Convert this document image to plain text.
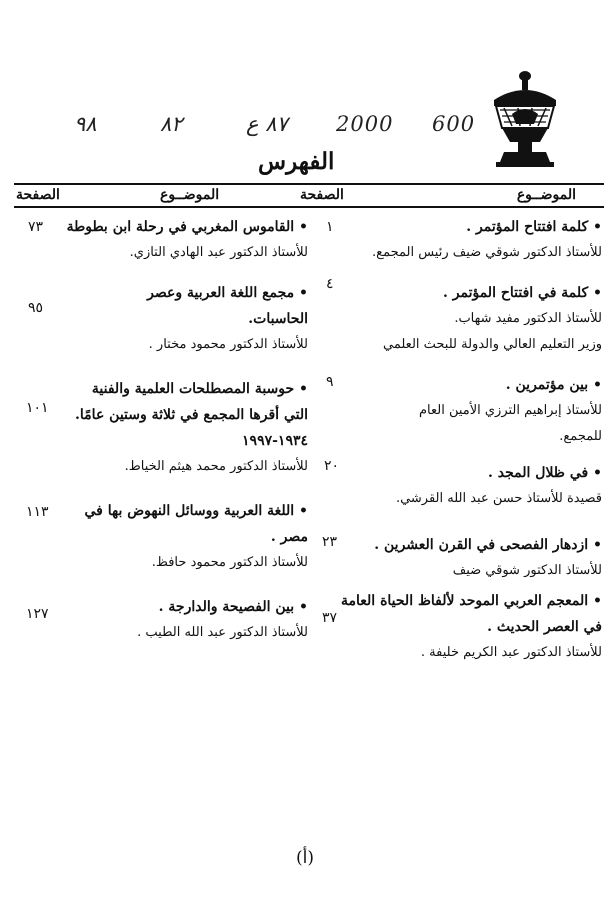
٩٨	٨٢	٨٧ ع 2000 600
الفهرس
الموضــوع
الصفحة
الموضــوع
الصفحة
• كلمة افتتاح المؤتمر .
للأستاذ الدكتور شوقي ضيف رئيس المجمع.
• كلمة في افتتاح المؤتمر .
للأستاذ الدكتور مفيد شهاب.
وزير التعليم العالي والدولة للبحث العلمي
• بين مؤتمرين .
للأستاذ إبراهيم الترزي الأمين العام
للمجمع.
• في ظلال المجد .
قصيدة للأستاذ حسن عبد الله القرشي.
• ازدهار الفصحى في القرن العشرين .
للأستاذ الدكتور شوقي ضيف
• المعجم العربي الموحد لألفاظ الحياة العامة
في العصر الحديث .
للأستاذ الدكتور عبد الكريم خليفة .
١
٤
٩
٢٠
٢٣
٣٧
• القاموس المغربي في رحلة ابن بطوطة
للأستاذ الدكتور عبد الهادي التازي.
• مجمع اللغة العربية وعصر
الحاسبات.
للأستاذ الدكتور محمود مختار .
• حوسبة المصطلحات العلمية والفنية
التي أقرها المجمع في ثلاثة وستين عامًا.
١٩٣٤-١٩٩٧
للأستاذ الدكتور محمد هيثم الخياط.
• اللغة العربية ووسائل النهوض بها في
مصر .
للأستاذ الدكتور محمود حافظ.
• بين الفصيحة والدارجة .
للأستاذ الدكتور عبد الله الطيب .
٧٣
٩٥
١٠١
١١٣
١٢٧
(أ)
